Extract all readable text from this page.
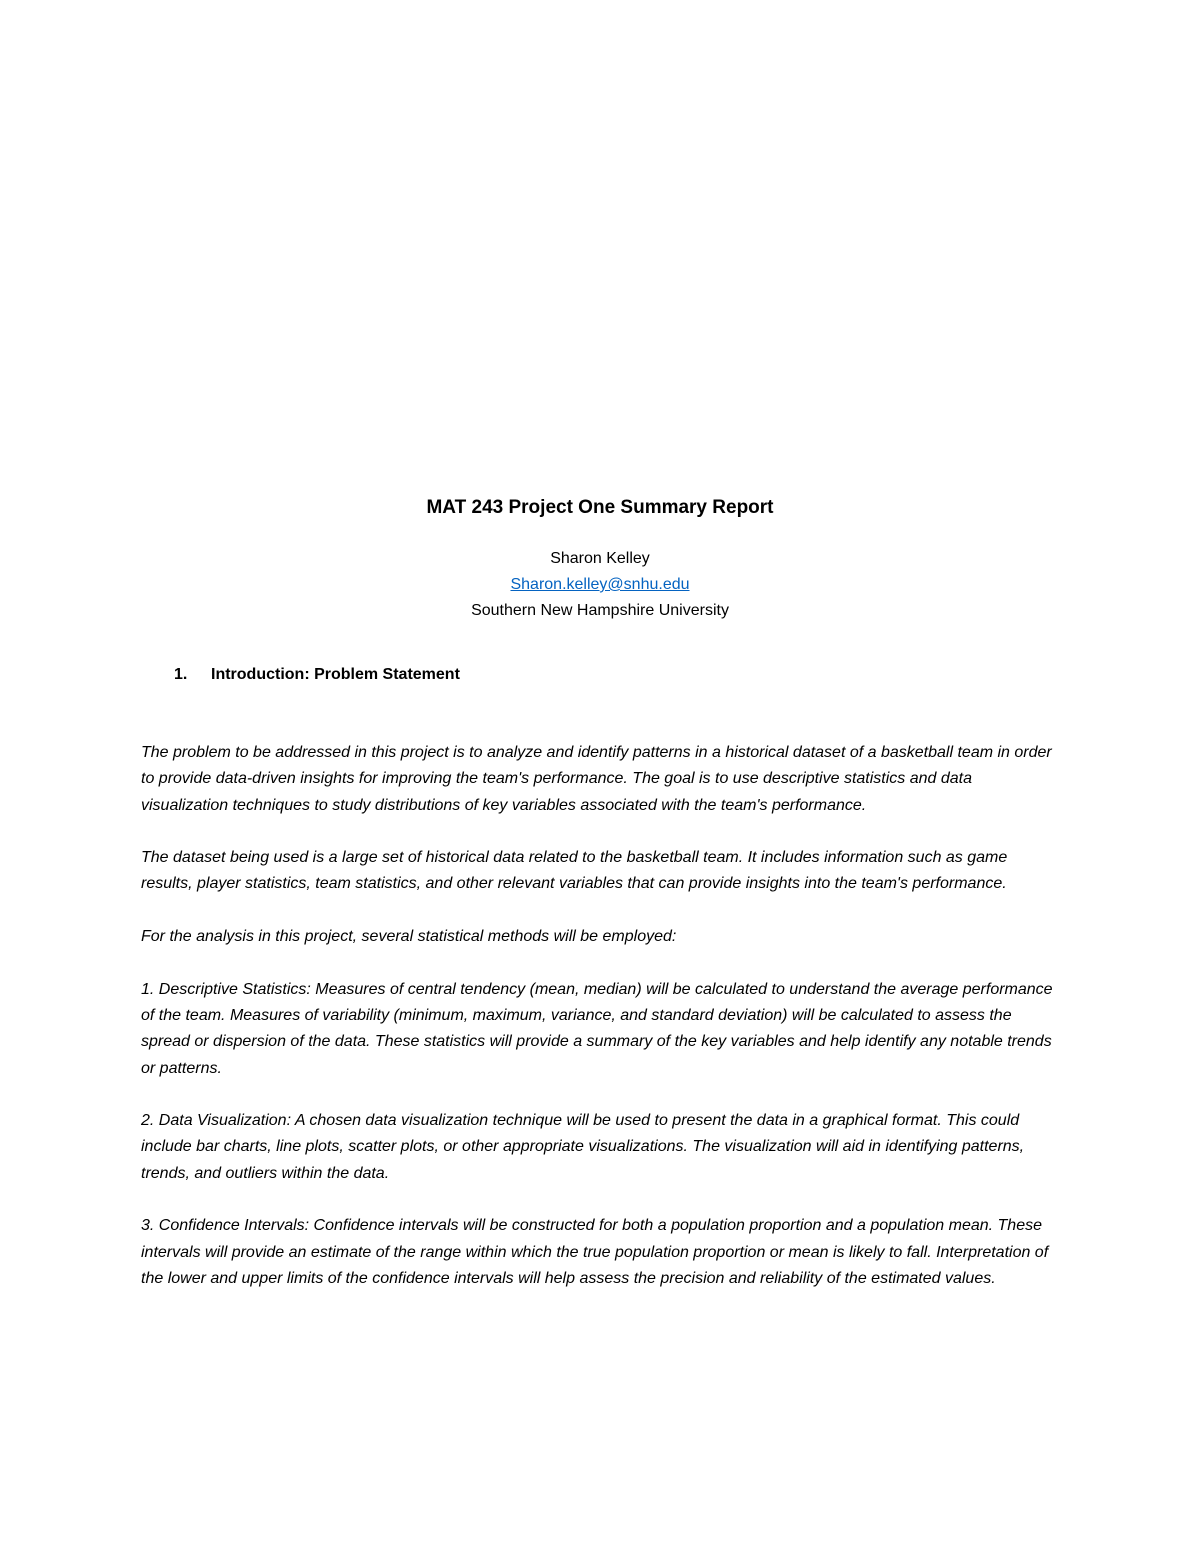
MAT 243 Project One Summary Report

Sharon Kelley

Sharon.kelley@snhu.edu

Southern New Hampshire University

1. Introduction: Problem Statement

The problem to be addressed in this project is to analyze and identify patterns in a historical dataset of a basketball team in order to provide data-driven insights for improving the team's performance. The goal is to use descriptive statistics and data visualization techniques to study distributions of key variables associated with the team's performance.

The dataset being used is a large set of historical data related to the basketball team. It includes information such as game results, player statistics, team statistics, and other relevant variables that can provide insights into the team's performance.

For the analysis in this project, several statistical methods will be employed:

1. Descriptive Statistics: Measures of central tendency (mean, median) will be calculated to understand the average performance of the team. Measures of variability (minimum, maximum, variance, and standard deviation) will be calculated to assess the spread or dispersion of the data. These statistics will provide a summary of the key variables and help identify any notable trends or patterns.

2. Data Visualization: A chosen data visualization technique will be used to present the data in a graphical format. This could include bar charts, line plots, scatter plots, or other appropriate visualizations. The visualization will aid in identifying patterns, trends, and outliers within the data.

3. Confidence Intervals: Confidence intervals will be constructed for both a population proportion and a population mean. These intervals will provide an estimate of the range within which the true population proportion or mean is likely to fall. Interpretation of the lower and upper limits of the confidence intervals will help assess the precision and reliability of the estimated values.
